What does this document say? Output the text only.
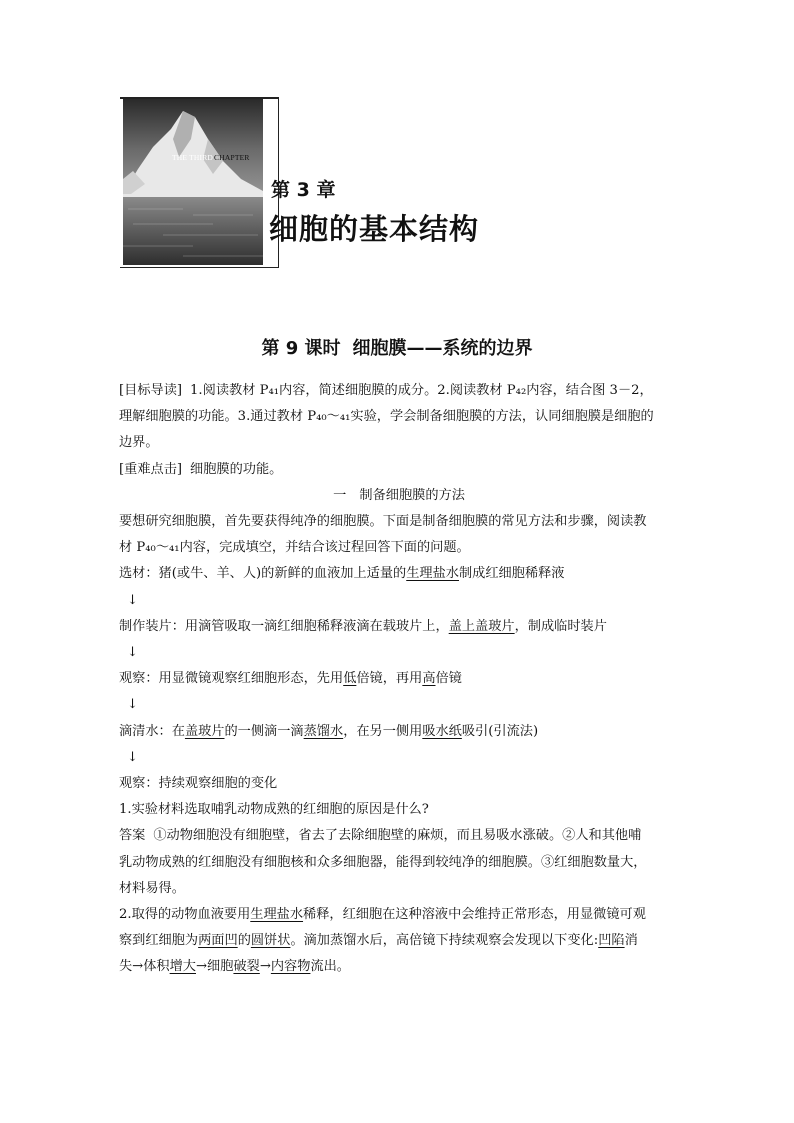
THE THIRDCHAPTER
第 3 章
细胞的基本结构
第 9 课时 细胞膜——系统的边界

[目标导读] 1.阅读教材 P₄₁内容，简述细胞膜的成分。2.阅读教材 P₄₂内容，结合图 3－2，

理解细胞膜的功能。3.通过教材 P₄₀～₄₁实验，学会制备细胞膜的方法，认同细胞膜是细胞的

边界。

[重难点击] 细胞膜的功能。

一　制备细胞膜的方法

要想研究细胞膜，首先要获得纯净的细胞膜。下面是制备细胞膜的常见方法和步骤，阅读教

材 P₄₀～₄₁内容，完成填空，并结合该过程回答下面的问题。

选材：猪(或牛、羊、人)的新鲜的血液加上适量的生理盐水制成红细胞稀释液

↓

制作装片：用滴管吸取一滴红细胞稀释液滴在载玻片上，盖上盖玻片，制成临时装片

↓

观察：用显微镜观察红细胞形态，先用低倍镜，再用高倍镜

↓

滴清水：在盖玻片的一侧滴一滴蒸馏水，在另一侧用吸水纸吸引(引流法)

↓

观察：持续观察细胞的变化

1.实验材料选取哺乳动物成熟的红细胞的原因是什么?

答案 ①动物细胞没有细胞壁，省去了去除细胞壁的麻烦，而且易吸水涨破。②人和其他哺

乳动物成熟的红细胞没有细胞核和众多细胞器，能得到较纯净的细胞膜。③红细胞数量大，

材料易得。

2.取得的动物血液要用生理盐水稀释，红细胞在这种溶液中会维持正常形态，用显微镜可观

察到红细胞为两面凹的圆饼状。滴加蒸馏水后，高倍镜下持续观察会发现以下变化:凹陷消

失→体积增大→细胞破裂→内容物流出。
